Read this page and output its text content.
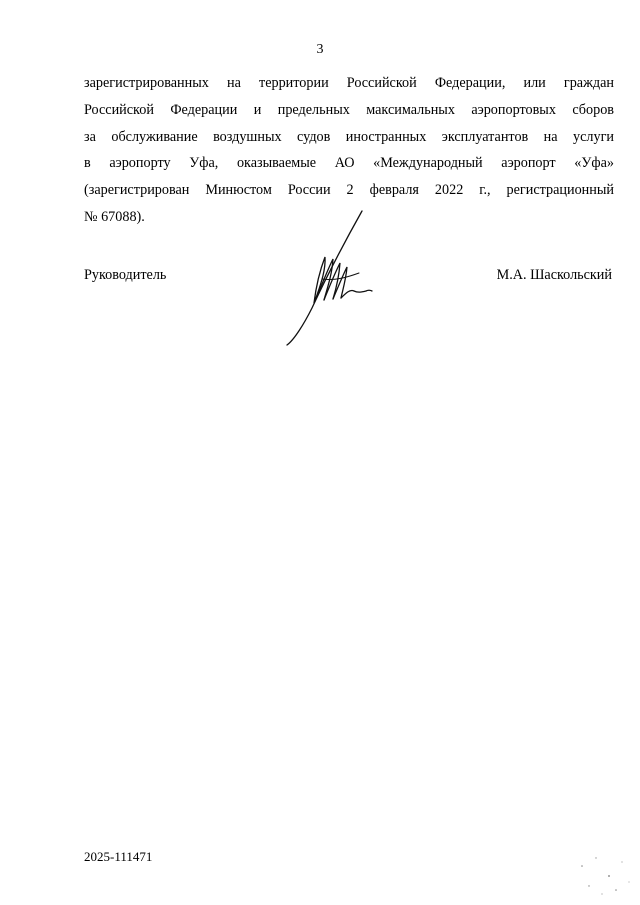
3
зарегистрированных на территории Российской Федерации, или граждан
Российской Федерации и предельных максимальных аэропортовых сборов
за обслуживание воздушных судов иностранных эксплуатантов на услуги
в аэропорту Уфа, оказываемые АО «Международный аэропорт «Уфа»
(зарегистрирован Минюстом России 2 февраля 2022 г., регистрационный
№ 67088).
Руководитель	М.А. Шаскольский
2025-111471
